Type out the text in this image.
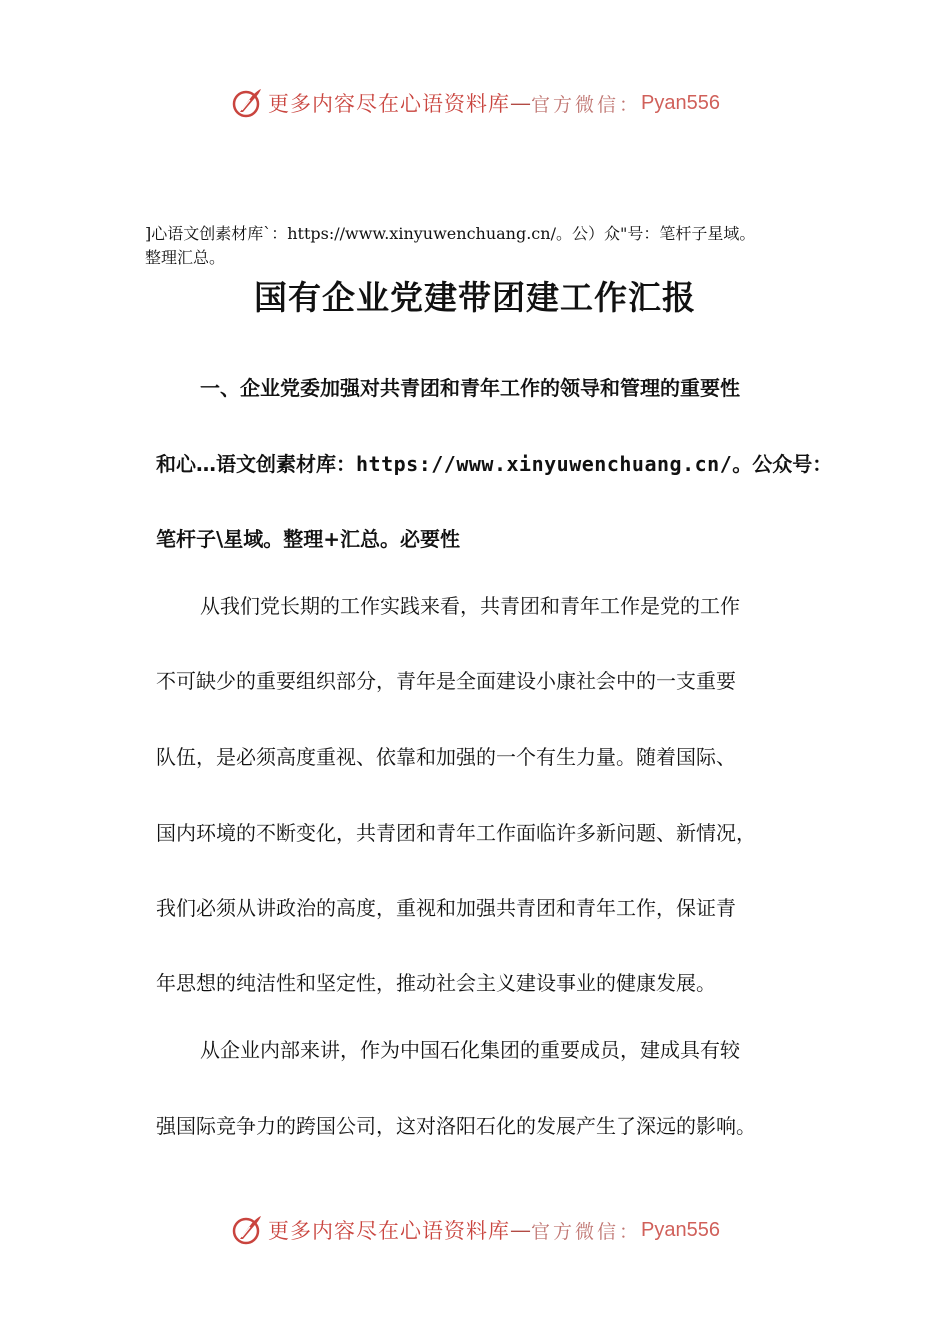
更多内容尽在心语资料库 — 官方微信： Pyan556
]心语文创素材库`：https://www.xinyuwenchuang.cn/。公）众"号：笔杆子星域。
整理汇总。
国有企业党建带团建工作汇报
一、企业党委加强对共青团和青年工作的领导和管理的重要性
和心…语文创素材库：https://www.xinyuwenchuang.cn/。公众号：
笔杆子\星域。整理+汇总。必要性
从我们党长期的工作实践来看，共青团和青年工作是党的工作
不可缺少的重要组织部分，青年是全面建设小康社会中的一支重要
队伍，是必须高度重视、依靠和加强的一个有生力量。随着国际、
国内环境的不断变化，共青团和青年工作面临许多新问题、新情况，
我们必须从讲政治的高度，重视和加强共青团和青年工作，保证青
年思想的纯洁性和坚定性，推动社会主义建设事业的健康发展。
从企业内部来讲，作为中国石化集团的重要成员，建成具有较
强国际竞争力的跨国公司，这对洛阳石化的发展产生了深远的影响。
更多内容尽在心语资料库 — 官方微信： Pyan556
